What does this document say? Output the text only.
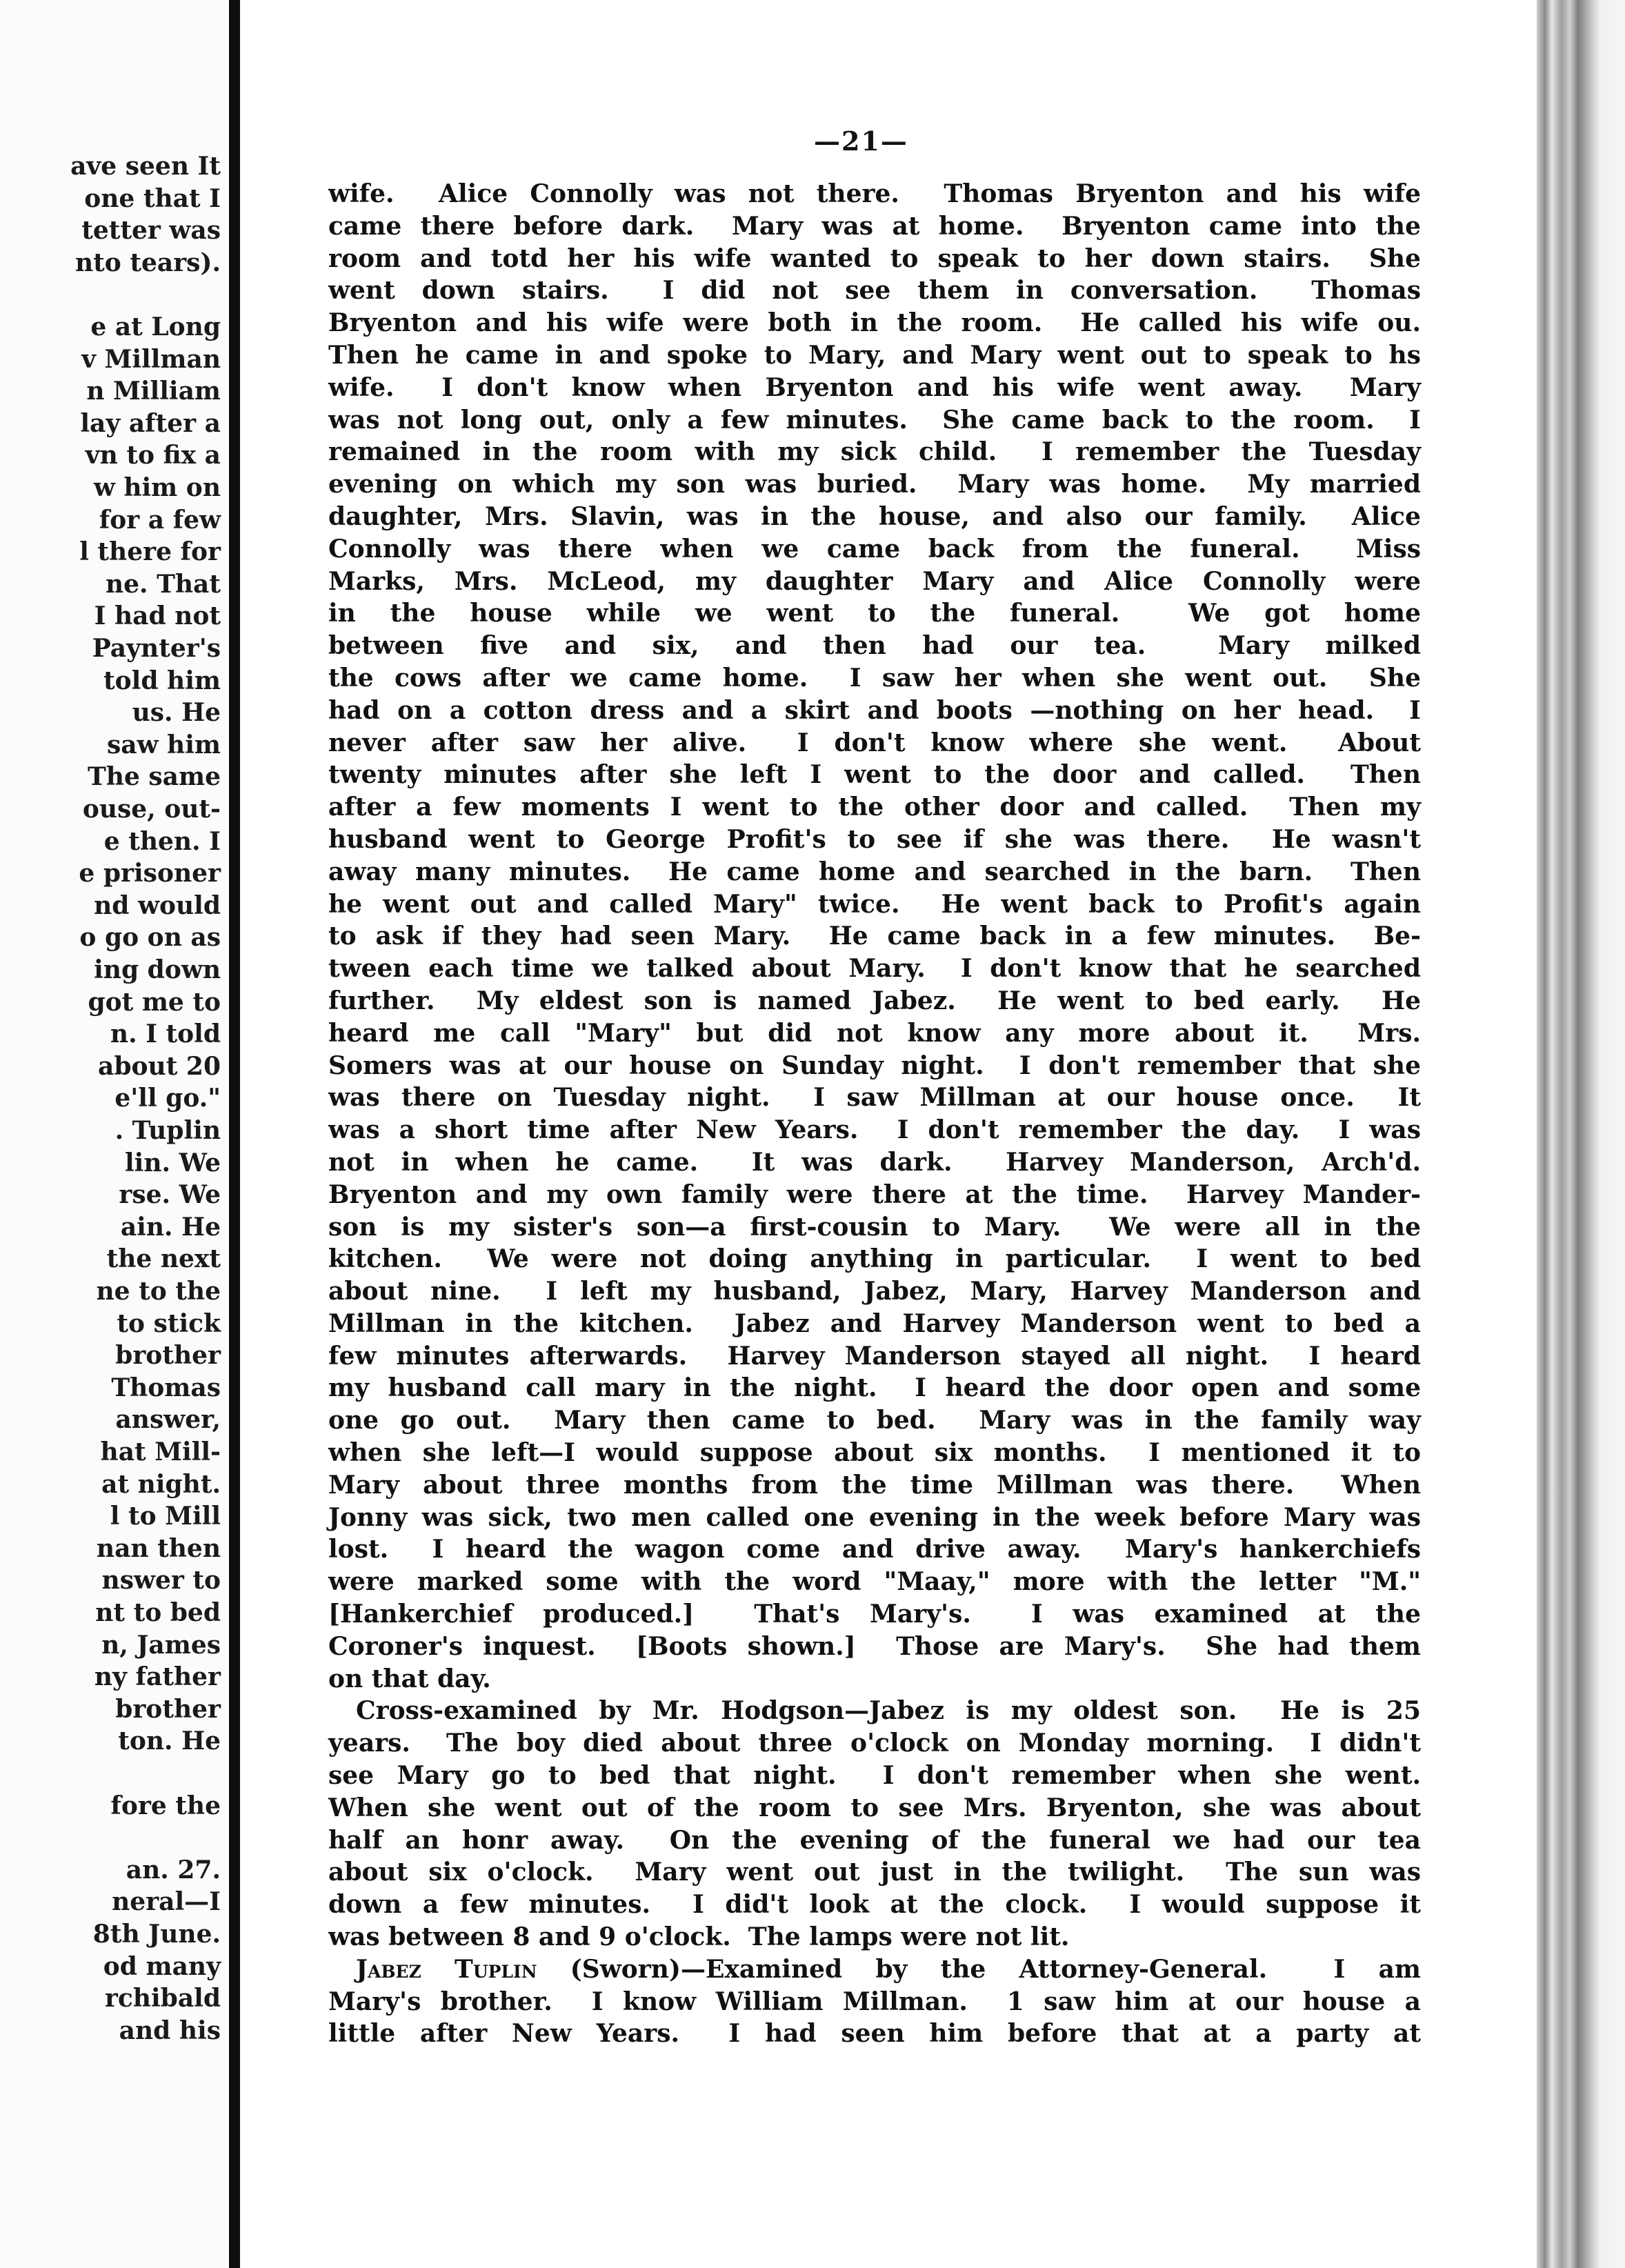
ave seen It
one that I
tetter was
nto tears).
e at Long
v Millman
n Milliam
lay after a
vn to fix a
w him on
for a few
l there for
ne. That
I had not
Paynter's
told him
us. He
saw him
The same
ouse, out-
e then. I
e prisoner
nd would
o go on as
ing down
got me to
n. I told
about 20
e'll go."
. Tuplin
lin. We
rse. We
ain. He
the next
ne to the
to stick
brother
Thomas
answer,
hat Mill-
at night.
l to Mill
nan then
nswer to
nt to bed
n, James
ny father
brother
ton. He
fore the
an. 27.
neral—I
8th June.
od many
rchibald
and his
—21—
wife.  Alice Connolly was not there.  Thomas Bryenton and his wife
came there before dark.  Mary was at home.  Bryenton came into the
room and totd her his wife wanted to speak to her down stairs.  She
went down stairs.  I did not see them in conversation.  Thomas
Bryenton and his wife were both in the room.  He called his wife ou.
Then he came in and spoke to Mary, and Mary went out to speak to hs
wife.  I don't know when Bryenton and his wife went away.  Mary
was not long out, only a few minutes.  She came back to the room.  I
remained in the room with my sick child.  I remember the Tuesday
evening on which my son was buried.  Mary was home.  My married
daughter, Mrs. Slavin, was in the house, and also our family.  Alice
Connolly was there when we came back from the funeral.  Miss
Marks, Mrs. McLeod, my daughter Mary and Alice Connolly were
in the house while we went to the funeral.  We got home
between five and six, and then had our tea.  Mary milked
the cows after we came home.  I saw her when she went out.  She
had on a cotton dress and a skirt and boots —nothing on her head.  I
never after saw her alive.  I don't know where she went.  About
twenty minutes after she left I went to the door and called.  Then
after a few moments I went to the other door and called.  Then my
husband went to George Profit's to see if she was there.  He wasn't
away many minutes.  He came home and searched in the barn.  Then
he went out and called Mary" twice.  He went back to Profit's again
to ask if they had seen Mary.  He came back in a few minutes.  Be-
tween each time we talked about Mary.  I don't know that he searched
further.  My eldest son is named Jabez.  He went to bed early.  He
heard me call "Mary" but did not know any more about it.  Mrs.
Somers was at our house on Sunday night.  I don't remember that she
was there on Tuesday night.  I saw Millman at our house once.  It
was a short time after New Years.  I don't remember the day.  I was
not in when he came.  It was dark.  Harvey Manderson, Arch'd.
Bryenton and my own family were there at the time.  Harvey Mander-
son is my sister's son—a first-cousin to Mary.  We were all in the
kitchen.  We were not doing anything in particular.  I went to bed
about nine.  I left my husband, Jabez, Mary, Harvey Manderson and
Millman in the kitchen.  Jabez and Harvey Manderson went to bed a
few minutes afterwards.  Harvey Manderson stayed all night.  I heard
my husband call mary in the night.  I heard the door open and some
one go out.  Mary then came to bed.  Mary was in the family way
when she left—I would suppose about six months.  I mentioned it to
Mary about three months from the time Millman was there.  When
Jonny was sick, two men called one evening in the week before Mary was
lost.  I heard the wagon come and drive away.  Mary's hankerchiefs
were marked some with the word "Maay," more with the letter "M."
[Hankerchief produced.]  That's Mary's.  I was examined at the
Coroner's inquest.  [Boots shown.]  Those are Mary's.  She had them
on that day.
Cross-examined by Mr. Hodgson—Jabez is my oldest son.  He is 25
years.  The boy died about three o'clock on Monday morning.  I didn't
see Mary go to bed that night.  I don't remember when she went.
When she went out of the room to see Mrs. Bryenton, she was about
half an honr away.  On the evening of the funeral we had our tea
about six o'clock.  Mary went out just in the twilight.  The sun was
down a few minutes.  I did't look at the clock.  I would suppose it
was between 8 and 9 o'clock.  The lamps were not lit.
Jabez Tuplin (Sworn)—Examined by the Attorney-General.  I am
Mary's brother.  I know William Millman.  1 saw him at our house a
little after New Years.  I had seen him before that at a party at
